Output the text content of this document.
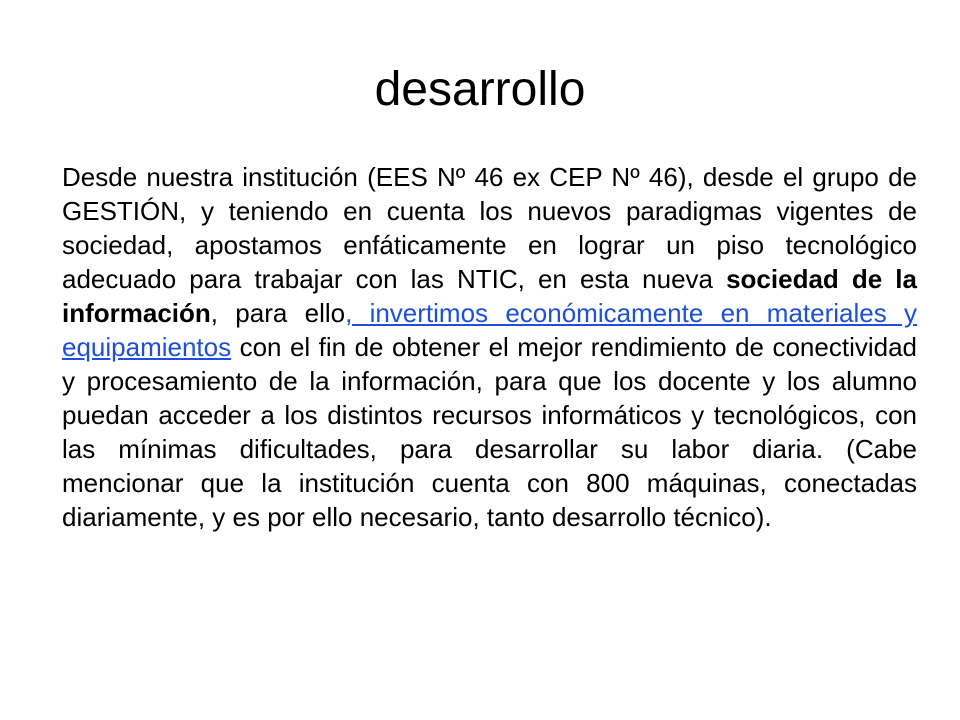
desarrollo

Desde nuestra institución (EES Nº 46 ex CEP Nº 46), desde el grupo de GESTIÓN, y teniendo en cuenta los nuevos paradigmas vigentes de sociedad, apostamos enfáticamente en lograr un piso tecnológico adecuado para trabajar con las NTIC, en esta nueva sociedad de la información, para ello, invertimos económicamente en materiales y equipamientos con el fin de obtener el mejor rendimiento de conectividad y procesamiento de la información, para que los docente y los alumno puedan acceder a los distintos recursos informáticos y tecnológicos, con las mínimas dificultades, para desarrollar su labor diaria. (Cabe mencionar que la institución cuenta con 800 máquinas, conectadas diariamente, y es por ello necesario, tanto desarrollo técnico).
